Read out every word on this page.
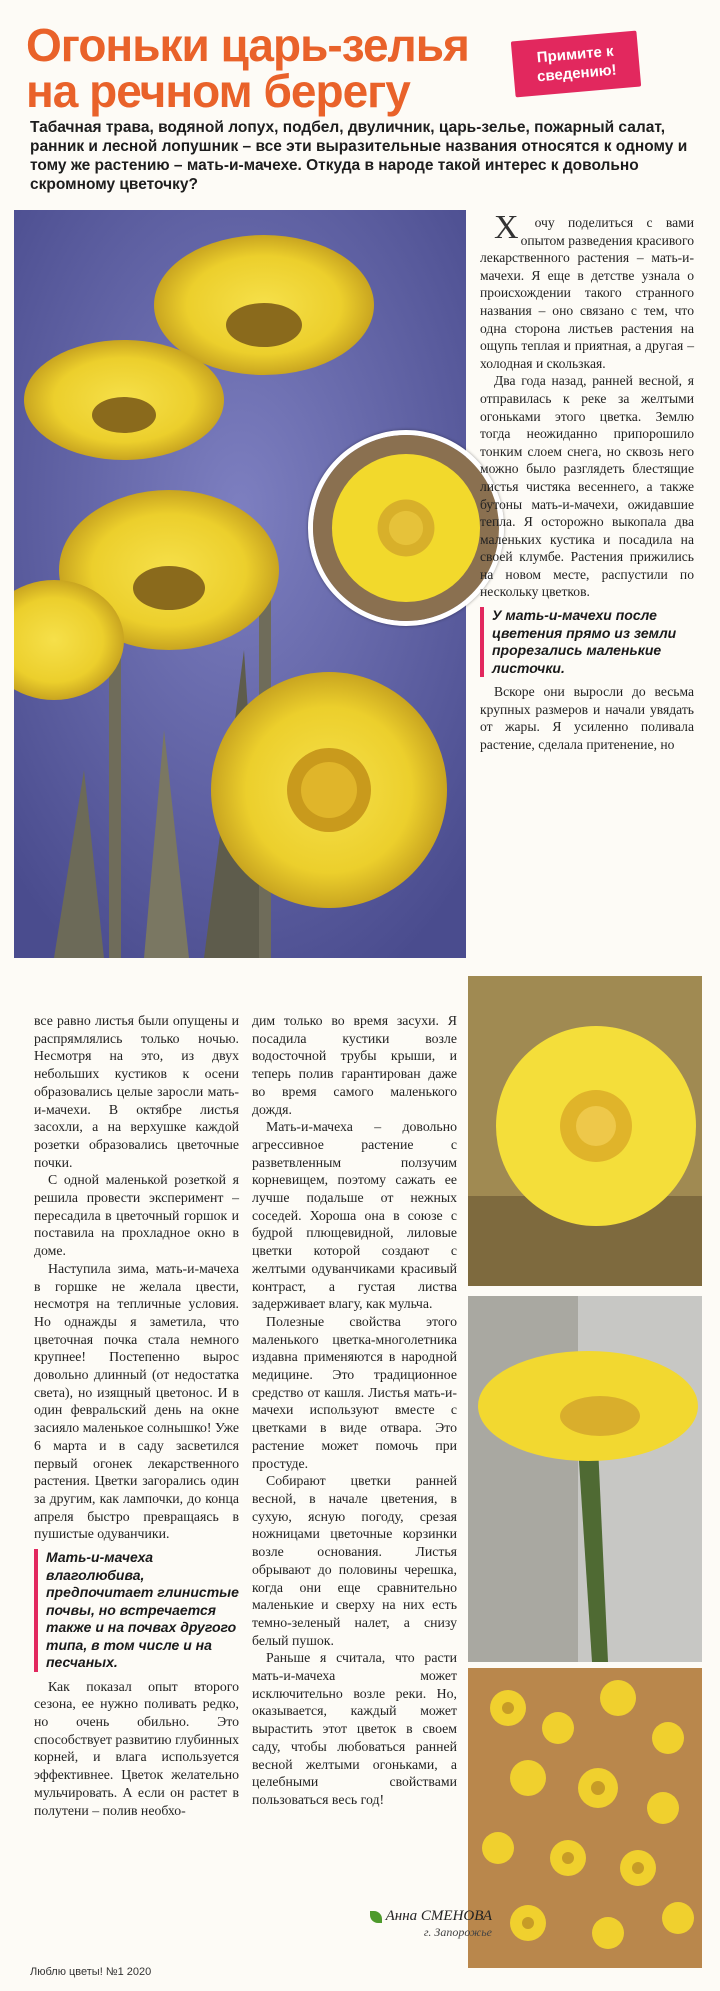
Огоньки царь-зелья на речном берегу
Примите к сведению!
Табачная трава, водяной лопух, подбел, двуличник, царь-зелье, пожарный салат, ранник и лесной лопушник – все эти выразительные названия относятся к одному и тому же растению – мать-и-мачехе. Откуда в народе такой интерес к довольно скромному цветочку?

Хочу поделиться с вами опытом разведения красивого лекарственного растения – мать-и-мачехи. Я еще в детстве узнала о происхождении такого странного названия – оно связано с тем, что одна сторона листьев растения на ощупь теплая и приятная, а другая – холодная и скользкая.

Два года назад, ранней весной, я отправилась к реке за желтыми огоньками этого цветка. Землю тогда неожиданно припорошило тонким слоем снега, но сквозь него можно было разглядеть блестящие листья чистяка весеннего, а также бутоны мать-и-мачехи, ожидавшие тепла. Я осторожно выкопала два маленьких кустика и посадила на своей клумбе. Растения прижились на новом месте, распустили по нескольку цветков.

У мать-и-мачехи после цветения прямо из земли прорезались маленькие листочки.

Вскоре они выросли до весьма крупных размеров и начали увядать от жары. Я усиленно поливала растение, сделала притенение, но

все равно листья были опущены и распрямлялись только ночью. Несмотря на это, из двух небольших кустиков к осени образовались целые заросли мать-и-мачехи. В октябре листья засохли, а на верхушке каждой розетки образовались цветочные почки.

С одной маленькой розеткой я решила провести эксперимент – пересадила в цветочный горшок и поставила на прохладное окно в доме.

Наступила зима, мать-и-мачеха в горшке не желала цвести, несмотря на тепличные условия. Но однажды я заметила, что цветочная почка стала немного крупнее! Постепенно вырос довольно длинный (от недостатка света), но изящный цветонос. И в один февральский день на окне засияло маленькое солнышко! Уже 6 марта и в саду засветился первый огонек лекарственного растения. Цветки загорались один за другим, как лампочки, до конца апреля быстро превращаясь в пушистые одуванчики.

Мать-и-мачеха влаголюбива, предпочитает глинистые почвы, но встречается также и на почвах другого типа, в том числе и на песчаных.

Как показал опыт второго сезона, ее нужно поливать редко, но очень обильно. Это способствует развитию глубинных корней, и влага используется эффективнее. Цветок желательно мульчировать. А если он растет в полутени – полив необхо-

дим только во время засухи. Я посадила кустики возле водосточной трубы крыши, и теперь полив гарантирован даже во время самого маленького дождя.

Мать-и-мачеха – довольно агрессивное растение с разветвленным ползучим корневищем, поэтому сажать ее лучше подальше от нежных соседей. Хороша она в союзе с будрой плющевидной, лиловые цветки которой создают с желтыми одуванчиками красивый контраст, а густая листва задерживает влагу, как мульча.

Полезные свойства этого маленького цветка-многолетника издавна применяются в народной медицине. Это традиционное средство от кашля. Листья мать-и-мачехи используют вместе с цветками в виде отвара. Это растение может помочь при простуде.

Собирают цветки ранней весной, в начале цветения, в сухую, ясную погоду, срезая ножницами цветочные корзинки возле основания. Листья обрывают до половины черешка, когда они еще сравнительно маленькие и сверху на них есть темно-зеленый налет, а снизу белый пушок.

Раньше я считала, что расти мать-и-мачеха может исключительно возле реки. Но, оказывается, каждый может вырастить этот цветок в своем саду, чтобы любоваться ранней весной желтыми огоньками, а целебными свойствами пользоваться весь год!

Анна СМЕНОВА
г. Запорожье
Люблю цветы! №1 2020
